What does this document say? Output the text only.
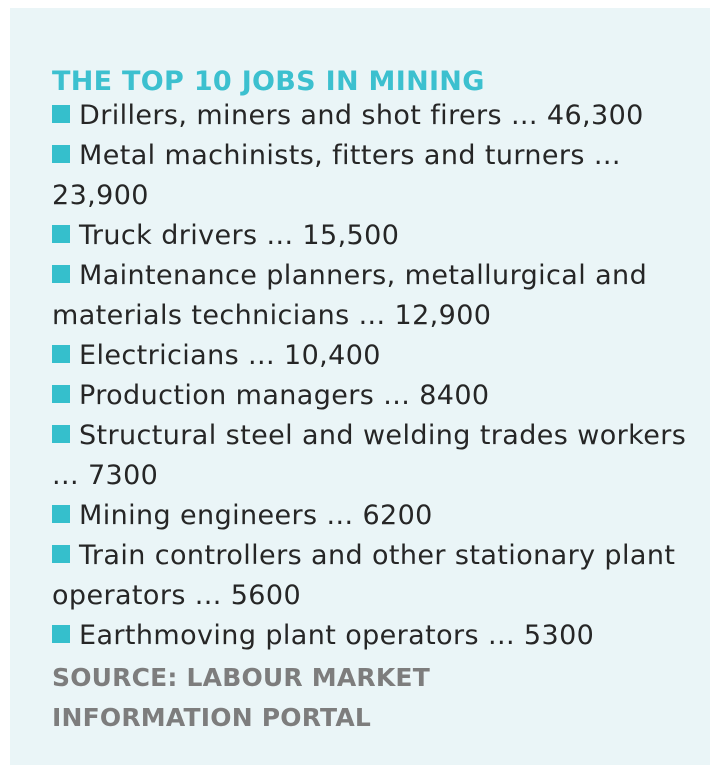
THE TOP 10 JOBS IN MINING
Drillers, miners and shot firers ... 46,300
Metal machinists, fitters and turners ...
23,900
Truck drivers ... 15,500
Maintenance planners, metallurgical and materials technicians ... 12,900
Electricians ... 10,400
Production managers ... 8400
Structural steel and welding trades workers ... 7300
Mining engineers ... 6200
Train controllers and other stationary plant operators ... 5600
Earthmoving plant operators ... 5300

SOURCE: LABOUR MARKET INFORMATION PORTAL
